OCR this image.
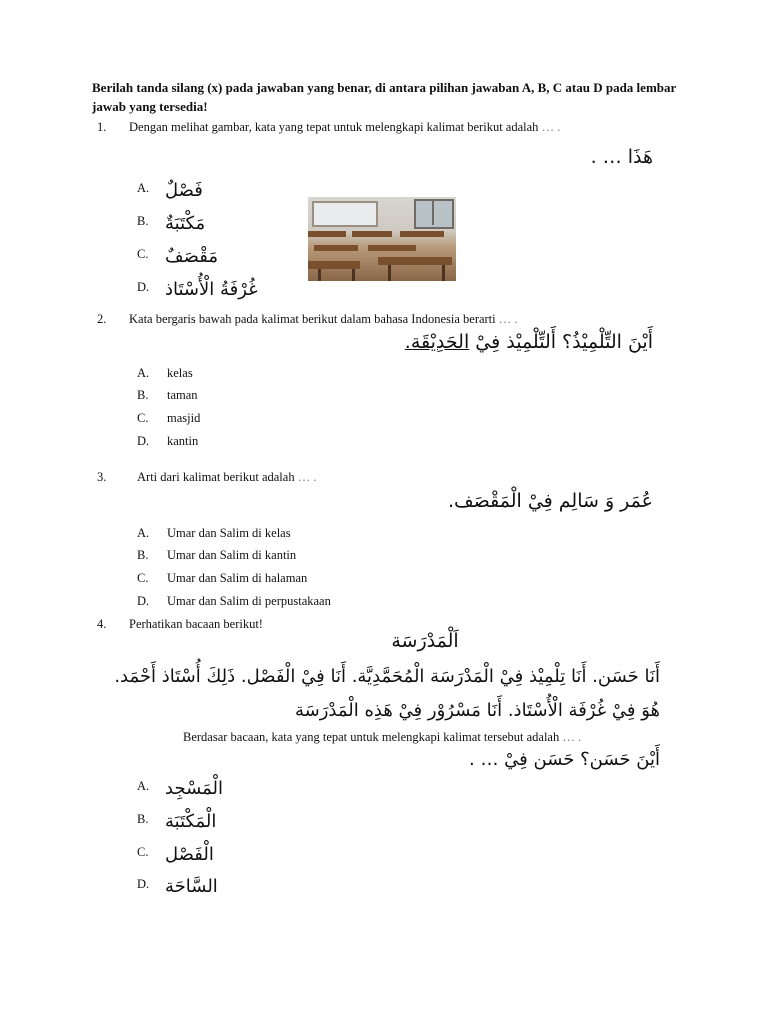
Berilah tanda silang (x) pada jawaban yang benar, di antara pilihan jawaban A, B, C atau D pada lembar jawab yang tersedia!
1. Dengan melihat gambar, kata yang tepat untuk melengkapi kalimat berikut adalah … .
هَذَا … .
A. فَصْلٌ
B. مَكْتَبَةٌ
C. مَقْصَفٌ
D. غُرْفَةُ الْأُسْتَاذ
2. Kata bergaris bawah pada kalimat berikut dalam bahasa Indonesia berarti … .
أَيْنَ التِّلْمِيْذُ؟ أَلتِّلْمِيْذ فِيْ الحَدِيْقَة.
A. kelas
B. taman
C. masjid
D. kantin
3. Arti dari kalimat berikut adalah … .
عُمَر وَ سَالِم فِيْ الْمَقْصَف.
A. Umar dan Salim di kelas
B. Umar dan Salim di kantin
C. Umar dan Salim di halaman
D. Umar dan Salim di perpustakaan
4. Perhatikan bacaan berikut!
اَلْمَدْرَسَة
أَنَا حَسَن. أَنَا تِلْمِيْذ فِيْ الْمَدْرَسَة الْمُحَمَّدِيَّة. أَنَا فِيْ الْفَصْل. ذَلِكَ أُسْتَاذ أَحْمَد.
هُوَ فِيْ غُرْفَة الْأُسْتَاذ. أَنَا مَسْرُوْر فِيْ هَذِه الْمَدْرَسَة
Berdasar bacaan, kata yang tepat untuk melengkapi kalimat tersebut adalah … .
أَيْنَ حَسَن؟ حَسَن فِيْ … .
A. الْمَسْجِد
B. الْمَكْتَبَة
C. الْفَصْل
D. السَّاحَة
